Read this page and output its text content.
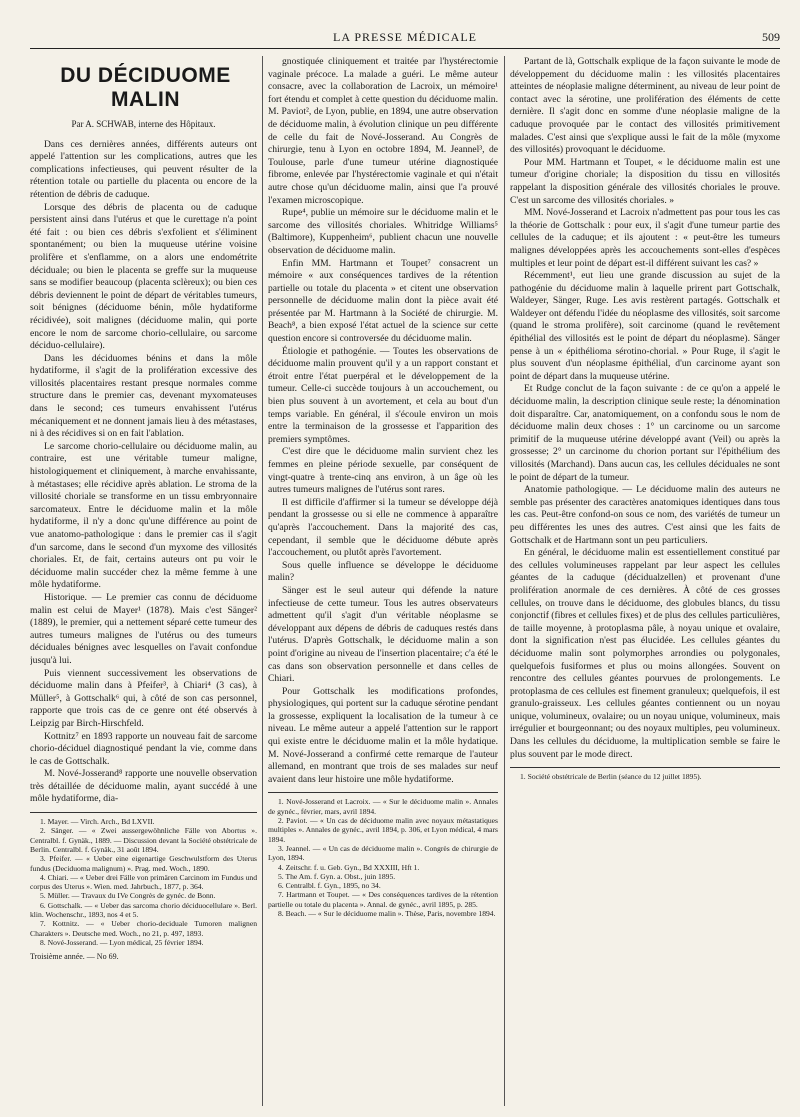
LA PRESSE MÉDICALE	509
DU DÉCIDUOME MALIN
Par A. SCHWAB, interne des Hôpitaux.

Dans ces dernières années, différents auteurs ont appelé l'attention sur les complications, autres que les complications infectieuses, qui peuvent résulter de la rétention totale ou partielle du placenta ou encore de la rétention de débris de caduque.

Lorsque des débris de placenta ou de caduque persistent ainsi dans l'utérus et que le curettage n'a point été fait : ou bien ces débris s'exfolient et s'éliminent spontanément; ou bien la muqueuse utérine voisine prolifère et s'enflamme, on a alors une endométrite déciduale; ou bien le placenta se greffe sur la muqueuse sans se modifier beaucoup (placenta sclèreux); ou bien ces débris deviennent le point de départ de véritables tumeurs, soit bénignes (déciduome bénin, môle hydatiforme récidivée), soit malignes (déciduome malin, qui porte encore le nom de sarcome chorio-cellulaire, ou sarcome déciduo-cellulaire).

Dans les déciduomes bénins et dans la môle hydatiforme, il s'agit de la prolifération excessive des villosités placentaires restant presque normales comme structure dans le premier cas, devenant myxomateuses dans le second; ces tumeurs envahissent l'utérus mécaniquement et ne donnent jamais lieu à des métastases, ni à des récidives si on en fait l'ablation.

Le sarcome chorio-cellulaire ou déciduome malin, au contraire, est une véritable tumeur maligne, histologiquement et cliniquement, à marche envahissante, à métastases; elle récidive après ablation. Le stroma de la villosité choriale se transforme en un tissu embryonnaire sarcomateux. Entre le déciduome malin et la môle hydatiforme, il n'y a donc qu'une différence au point de vue anatomo-pathologique : dans le premier cas il s'agit d'un sarcome, dans le second d'un myxome des villosités choriales. Et, de fait, certains auteurs ont pu voir le déciduome malin succéder chez la même femme à une môle hydatiforme.

Historique. — Le premier cas connu de déciduome malin est celui de Mayer¹ (1878). Mais c'est Sänger² (1889), le premier, qui a nettement séparé cette tumeur des autres tumeurs malignes de l'utérus ou des tumeurs déciduales bénignes avec lesquelles on l'avait confondue jusqu'à lui.

Puis viennent successivement les observations de déciduome malin dans à Pfeifer³, à Chiari⁴ (3 cas), à Müller⁵, à Gottschalk⁶ qui, à côté de son cas personnel, rapporte que trois cas de ce genre ont été observés à Leipzig par Birch-Hirschfeld.

Kottnitz⁷ en 1893 rapporte un nouveau fait de sarcome chorio-déciduel diagnostiqué pendant la vie, comme dans le cas de Gottschalk.

M. Nové-Josserand⁸ rapporte une nouvelle observation très détaillée de déciduome malin, ayant succédé à une môle hydatiforme, dia-

1. Mayer. — Virch. Arch., Bd LXVII.
2. Sänger. — « Zwei aussergewöhnliche Fälle von Abortus ». Centralbl. f. Gynäk., 1889. — Discussion devant la Société obstétricale de Berlin. Centralbl. f. Gynäk., 31 août 1894.
3. Pfeifer. — « Ueber eine eigenartige Geschwulstform des Uterus fundus (Deciduoma malignum) ». Prag. med. Woch., 1890.
4. Chiari. — « Ueber drei Fälle von primären Carcinom im Fundus und corpus des Uterus ». Wien. med. Jahrbuch., 1877, p. 364.
5. Müller. — Travaux du IVe Congrès de gynéc. de Bonn.
6. Gottschalk. — « Ueber das sarcoma chorio déciduocellulare ». Berl. klin. Wochenschr., 1893, nos 4 et 5.
7. Kottnitz. — « Ueber chorio-deciduale Tumoren malignen Charakters ». Deutsche med. Woch., no 21, p. 497, 1893.
8. Nové-Josserand. — Lyon médical, 25 février 1894.
Troisième année. — No 69.

gnostiquée cliniquement et traitée par l'hystérectomie vaginale précoce. La malade a guéri. Le même auteur consacre, avec la collaboration de Lacroix, un mémoire¹ fort étendu et complet à cette question du déciduome malin. M. Paviot², de Lyon, publie, en 1894, une autre observation de déciduome malin, à évolution clinique un peu différente de celle du fait de Nové-Josserand. Au Congrès de chirurgie, tenu à Lyon en octobre 1894, M. Jeannel³, de Toulouse, parle d'une tumeur utérine diagnostiquée fibrome, enlevée par l'hystérectomie vaginale et qui n'était autre chose qu'un déciduome malin, ainsi que l'a prouvé l'examen microscopique.

Rupe⁴, publie un mémoire sur le déciduome malin et le sarcome des villosités choriales. Whitridge Williams⁵ (Baltimore), Kuppenheim⁶, publient chacun une nouvelle observation de déciduome malin.

Enfin MM. Hartmann et Toupet⁷ consacrent un mémoire « aux conséquences tardives de la rétention partielle ou totale du placenta » et citent une observation personnelle de déciduome malin dont la pièce avait été présentée par M. Hartmann à la Société de chirurgie. M. Beach⁸, a bien exposé l'état actuel de la science sur cette question encore si controversée du déciduome malin.

Étiologie et pathogénie. — Toutes les observations de déciduome malin prouvent qu'il y a un rapport constant et étroit entre l'état puerpéral et le développement de la tumeur. Celle-ci succède toujours à un accouchement, ou bien plus souvent à un avortement, et cela au bout d'un temps variable. En général, il s'écoule environ un mois entre la terminaison de la grossesse et l'apparition des premiers symptômes.

C'est dire que le déciduome malin survient chez les femmes en pleine période sexuelle, par conséquent de vingt-quatre à trente-cinq ans environ, à un âge où les autres tumeurs malignes de l'utérus sont rares.

Il est difficile d'affirmer si la tumeur se développe déjà pendant la grossesse ou si elle ne commence à apparaître qu'après l'accouchement. Dans la majorité des cas, cependant, il semble que le déciduome débute après l'accouchement, ou plutôt après l'avortement.

Sous quelle influence se développe le déciduome malin?

Sänger est le seul auteur qui défende la nature infectieuse de cette tumeur. Tous les autres observateurs admettent qu'il s'agit d'un véritable néoplasme se développant aux dépens de débris de caduques restés dans l'utérus. D'après Gottschalk, le déciduome malin a son point d'origine au niveau de l'insertion placentaire; c'a été le cas dans son observation personnelle et dans celles de Chiari.

Pour Gottschalk les modifications profondes, physiologiques, qui portent sur la caduque sérotine pendant la grossesse, expliquent la localisation de la tumeur à ce niveau. Le même auteur a appelé l'attention sur le rapport qui existe entre le déciduome malin et la môle hydatique. M. Nové-Josserand a confirmé cette remarque de l'auteur allemand, en montrant que trois de ses malades sur neuf avaient dans leur histoire une môle hydatiforme.

1. Nové-Josserand et Lacroix. — « Sur le déciduome malin ». Annales de gynéc., février, mars, avril 1894.
2. Paviot. — « Un cas de déciduome malin avec noyaux métastatiques multiples ». Annales de gynéc., avril 1894, p. 306, et Lyon médical, 4 mars 1894.
3. Jeannel. — « Un cas de déciduome malin ». Congrès de chirurgie de Lyon, 1894.
4. Zeitschr. f. u. Geb. Gyn., Bd XXXIII, Hft 1.
5. The Am. f. Gyn. a. Obst., juin 1895.
6. Centralbl. f. Gyn., 1895, no 34.
7. Hartmann et Toupet. — « Des conséquences tardives de la rétention partielle ou totale du placenta ». Annal. de gynéc., avril 1895, p. 285.
8. Beach. — « Sur le déciduome malin ». Thèse, Paris, novembre 1894.

Partant de là, Gottschalk explique de la façon suivante le mode de développement du déciduome malin : les villosités placentaires atteintes de néoplasie maligne déterminent, au niveau de leur point de contact avec la sérotine, une prolifération des éléments de cette dernière. Il s'agit donc en somme d'une néoplasie maligne de la caduque provoquée par le contact des villosités primitivement malades. C'est ainsi que s'explique aussi le fait de la môle (myxome des villosités) provoquant le déciduome.

Pour MM. Hartmann et Toupet, « le déciduome malin est une tumeur d'origine choriale; la disposition du tissu en villosités rappelant la disposition générale des villosités choriales le prouve. C'est un sarcome des villosités choriales. »

MM. Nové-Josserand et Lacroix n'admettent pas pour tous les cas la théorie de Gottschalk : pour eux, il s'agit d'une tumeur partie des cellules de la caduque; et ils ajoutent : « peut-être les tumeurs malignes développées après les accouchements sont-elles d'espèces multiples et leur point de départ est-il différent suivant les cas? »

Récemment¹, eut lieu une grande discussion au sujet de la pathogénie du déciduome malin à laquelle prirent part Gottschalk, Waldeyer, Sänger, Ruge. Les avis restèrent partagés. Gottschalk et Waldeyer ont défendu l'idée du néoplasme des villosités, soit sarcome (quand le stroma prolifère), soit carcinome (quand le revêtement épithélial des villosités est le point de départ du néoplasme). Sänger pense à un « épithélioma sérotino-chorial. » Pour Ruge, il s'agit le plus souvent d'un néoplasme épithélial, d'un carcinome ayant son point de départ dans la muqueuse utérine.

Et Rudge conclut de la façon suivante : de ce qu'on a appelé le déciduome malin, la description clinique seule reste; la dénomination doit disparaître. Car, anatomiquement, on a confondu sous le nom de déciduome malin deux choses : 1° un carcinome ou un sarcome primitif de la muqueuse utérine développé avant (Veil) ou après la grossesse; 2° un carcinome du chorion portant sur l'épithélium des villosités (Marchand). Dans aucun cas, les cellules déciduales ne sont le point de départ de la tumeur.

Anatomie pathologique. — Le déciduome malin des auteurs ne semble pas présenter des caractères anatomiques identiques dans tous les cas. Peut-être confond-on sous ce nom, des variétés de tumeur un peu différentes les unes des autres. C'est ainsi que les faits de Gottschalk et de Hartmann sont un peu particuliers.

En général, le déciduome malin est essentiellement constitué par des cellules volumineuses rappelant par leur aspect les cellules géantes de la caduque (décidualzellen) et provenant d'une prolifération anormale de ces dernières. À côté de ces grosses cellules, on trouve dans le déciduome, des globules blancs, du tissu conjonctif (fibres et cellules fixes) et de plus des cellules particulières, de taille moyenne, à protoplasma pâle, à noyau unique et ovalaire, dont la signification n'est pas élucidée. Les cellules géantes du déciduome malin sont polymorphes arrondies ou polygonales, quelquefois fusiformes et plus ou moins allongées. Souvent on rencontre des cellules géantes pourvues de prolongements. Le protoplasma de ces cellules est finement granuleux; quelquefois, il est granulo-graisseux. Les cellules géantes contiennent ou un noyau unique, volumineux, ovalaire; ou un noyau unique, volumineux, mais irrégulier et bourgeonnant; ou des noyaux multiples, peu volumineux. Dans les cellules du déciduome, la multiplication semble se faire le plus souvent par le mode direct.

1. Société obstétricale de Berlin (séance du 12 juillet 1895).
